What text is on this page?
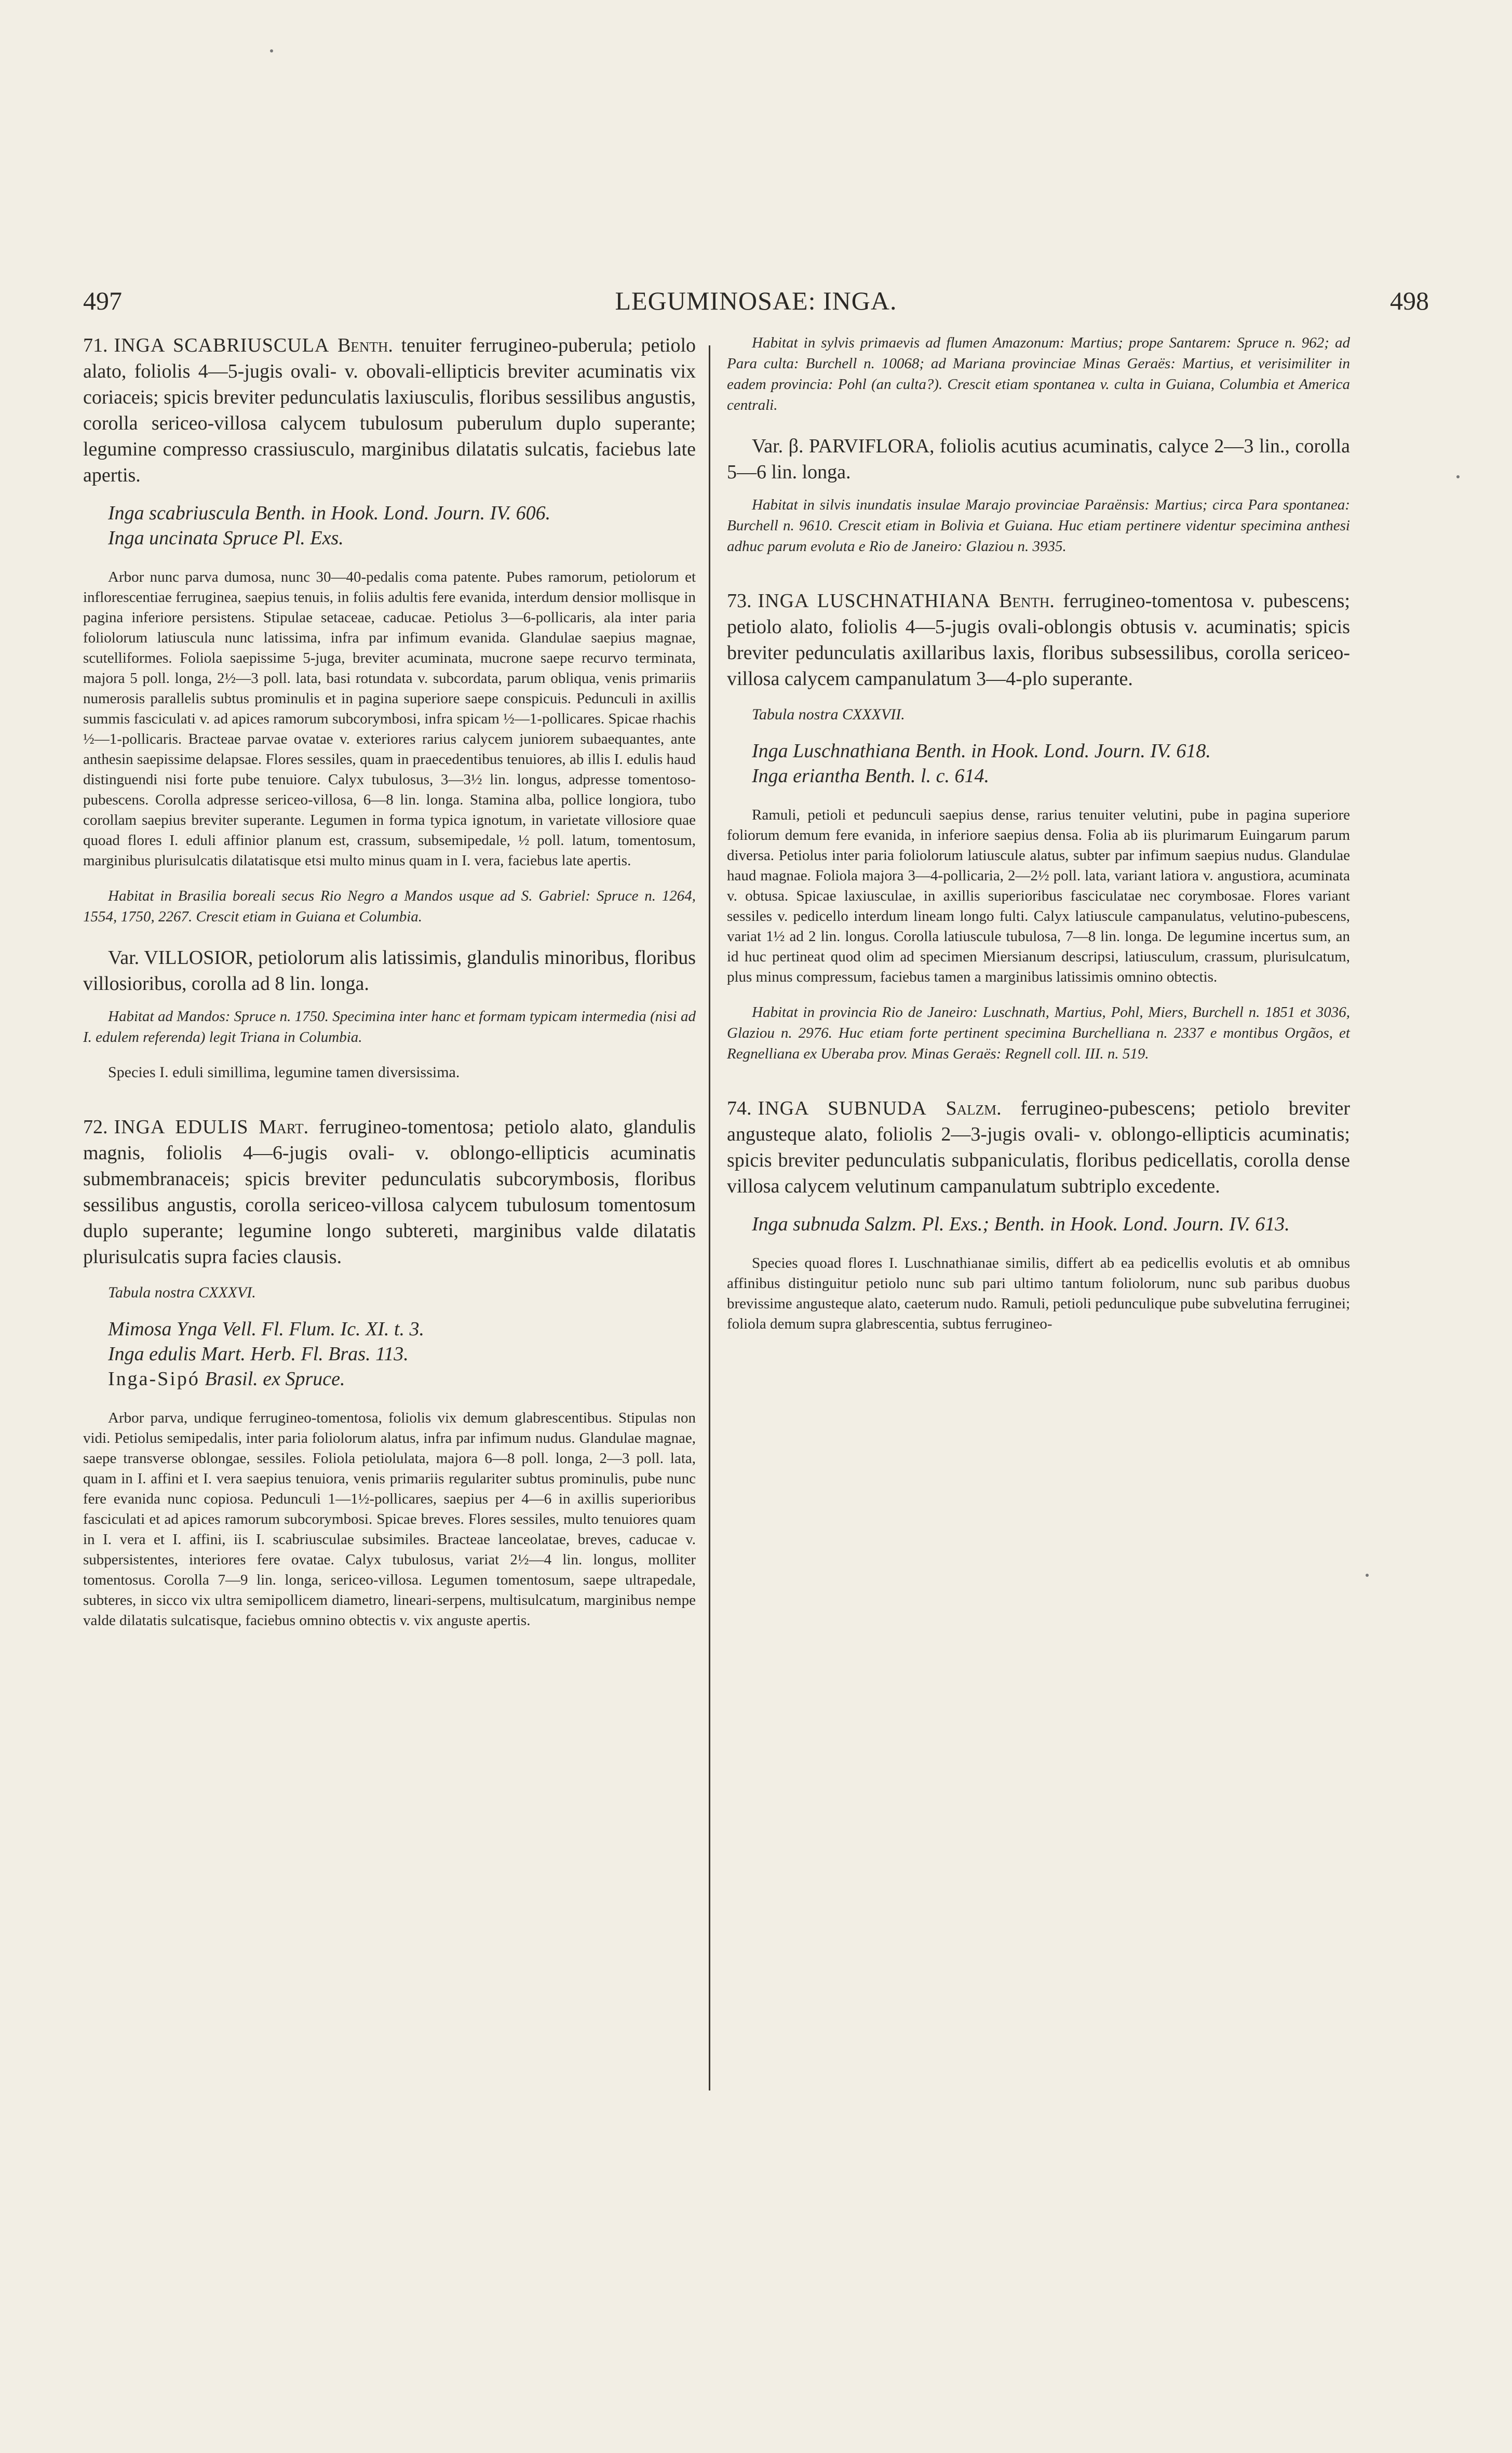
497	LEGUMINOSAE: INGA.	498
71. INGA SCABRIUSCULA Benth. tenuiter ferrugineo-puberula; petiolo alato, foliolis 4—5-jugis ovali- v. obovali-ellipticis breviter acuminatis vix coriaceis; spicis breviter pedunculatis laxiusculis, floribus sessilibus angustis, corolla sericeo-villosa calycem tubulosum puberulum duplo superante; legumine compresso crassiusculo, marginibus dilatatis sulcatis, faciebus late apertis.

Inga scabriuscula Benth. in Hook. Lond. Journ. IV. 606.

Inga uncinata Spruce Pl. Exs.

Arbor nunc parva dumosa, nunc 30—40-pedalis coma patente. Pubes ramorum, petiolorum et inflorescentiae ferruginea, saepius tenuis, in foliis adultis fere evanida, interdum densior mollisque in pagina inferiore persistens. Stipulae setaceae, caducae. Petiolus 3—6-pollicaris, ala inter paria foliolorum latiuscula nunc latissima, infra par infimum evanida. Glandulae saepius magnae, scutelliformes. Foliola saepissime 5-juga, breviter acuminata, mucrone saepe recurvo terminata, majora 5 poll. longa, 2½—3 poll. lata, basi rotundata v. subcordata, parum obliqua, venis primariis numerosis parallelis subtus prominulis et in pagina superiore saepe conspicuis. Pedunculi in axillis summis fasciculati v. ad apices ramorum subcorymbosi, infra spicam ½—1-pollicares. Spicae rhachis ½—1-pollicaris. Bracteae parvae ovatae v. exteriores rarius calycem juniorem subaequantes, ante anthesin saepissime delapsae. Flores sessiles, quam in praecedentibus tenuiores, ab illis I. edulis haud distinguendi nisi forte pube tenuiore. Calyx tubulosus, 3—3½ lin. longus, adpresse tomentoso-pubescens. Corolla adpresse sericeo-villosa, 6—8 lin. longa. Stamina alba, pollice longiora, tubo corollam saepius breviter superante. Legumen in forma typica ignotum, in varietate villosiore quae quoad flores I. eduli affinior planum est, crassum, subsemipedale, ½ poll. latum, tomentosum, marginibus plurisulcatis dilatatisque etsi multo minus quam in I. vera, faciebus late apertis.

Habitat in Brasilia boreali secus Rio Negro a Mandos usque ad S. Gabriel: Spruce n. 1264, 1554, 1750, 2267. Crescit etiam in Guiana et Columbia.

Var. VILLOSIOR, petiolorum alis latissimis, glandulis minoribus, floribus villosioribus, corolla ad 8 lin. longa.

Habitat ad Mandos: Spruce n. 1750. Specimina inter hanc et formam typicam intermedia (nisi ad I. edulem referenda) legit Triana in Columbia.

Species I. eduli simillima, legumine tamen diversissima.

72. INGA EDULIS Mart. ferrugineo-tomentosa; petiolo alato, glandulis magnis, foliolis 4—6-jugis ovali- v. oblongo-ellipticis acuminatis submembranaceis; spicis breviter pedunculatis subcorymbosis, floribus sessilibus angustis, corolla sericeo-villosa calycem tubulosum tomentosum duplo superante; legumine longo subtereti, marginibus valde dilatatis plurisulcatis supra facies clausis.

Tabula nostra CXXXVI.

Mimosa Ynga Vell. Fl. Flum. Ic. XI. t. 3.

Inga edulis Mart. Herb. Fl. Bras. 113.

Inga-Sipó Brasil. ex Spruce.

Arbor parva, undique ferrugineo-tomentosa, foliolis vix demum glabrescentibus. Stipulas non vidi. Petiolus semipedalis, inter paria foliolorum alatus, infra par infimum nudus. Glandulae magnae, saepe transverse oblongae, sessiles. Foliola petiolulata, majora 6—8 poll. longa, 2—3 poll. lata, quam in I. affini et I. vera saepius tenuiora, venis primariis regulariter subtus prominulis, pube nunc fere evanida nunc copiosa. Pedunculi 1—1½-pollicares, saepius per 4—6 in axillis superioribus fasciculati et ad apices ramorum subcorymbosi. Spicae breves. Flores sessiles, multo tenuiores quam in I. vera et I. affini, iis I. scabriusculae subsimiles. Bracteae lanceolatae, breves, caducae v. subpersistentes, interiores fere ovatae. Calyx tubulosus, variat 2½—4 lin. longus, molliter tomentosus. Corolla 7—9 lin. longa, sericeo-villosa. Legumen tomentosum, saepe ultrapedale, subteres, in sicco vix ultra semipollicem diametro, lineari-serpens, multisulcatum, marginibus nempe valde dilatatis sulcatisque, faciebus omnino obtectis v. vix anguste apertis.

Habitat in sylvis primaevis ad flumen Amazonum: Martius; prope Santarem: Spruce n. 962; ad Para culta: Burchell n. 10068; ad Mariana provinciae Minas Geraës: Martius, et verisimiliter in eadem provincia: Pohl (an culta?). Crescit etiam spontanea v. culta in Guiana, Columbia et America centrali.

Var. β. PARVIFLORA, foliolis acutius acuminatis, calyce 2—3 lin., corolla 5—6 lin. longa.

Habitat in silvis inundatis insulae Marajo provinciae Paraënsis: Martius; circa Para spontanea: Burchell n. 9610. Crescit etiam in Bolivia et Guiana. Huc etiam pertinere videntur specimina anthesi adhuc parum evoluta e Rio de Janeiro: Glaziou n. 3935.

73. INGA LUSCHNATHIANA Benth. ferrugineo-tomentosa v. pubescens; petiolo alato, foliolis 4—5-jugis ovali-oblongis obtusis v. acuminatis; spicis breviter pedunculatis axillaribus laxis, floribus subsessilibus, corolla sericeo-villosa calycem campanulatum 3—4-plo superante.

Tabula nostra CXXXVII.

Inga Luschnathiana Benth. in Hook. Lond. Journ. IV. 618.

Inga eriantha Benth. l. c. 614.

Ramuli, petioli et pedunculi saepius dense, rarius tenuiter velutini, pube in pagina superiore foliorum demum fere evanida, in inferiore saepius densa. Folia ab iis plurimarum Euingarum parum diversa. Petiolus inter paria foliolorum latiuscule alatus, subter par infimum saepius nudus. Glandulae haud magnae. Foliola majora 3—4-pollicaria, 2—2½ poll. lata, variant latiora v. angustiora, acuminata v. obtusa. Spicae laxiusculae, in axillis superioribus fasciculatae nec corymbosae. Flores variant sessiles v. pedicello interdum lineam longo fulti. Calyx latiuscule campanulatus, velutino-pubescens, variat 1½ ad 2 lin. longus. Corolla latiuscule tubulosa, 7—8 lin. longa. De legumine incertus sum, an id huc pertineat quod olim ad specimen Miersianum descripsi, latiusculum, crassum, plurisulcatum, plus minus compressum, faciebus tamen a marginibus latissimis omnino obtectis.

Habitat in provincia Rio de Janeiro: Luschnath, Martius, Pohl, Miers, Burchell n. 1851 et 3036, Glaziou n. 2976. Huc etiam forte pertinent specimina Burchelliana n. 2337 e montibus Orgãos, et Regnelliana ex Uberaba prov. Minas Geraës: Regnell coll. III. n. 519.

74. INGA SUBNUDA Salzm. ferrugineo-pubescens; petiolo breviter angusteque alato, foliolis 2—3-jugis ovali- v. oblongo-ellipticis acuminatis; spicis breviter pedunculatis subpaniculatis, floribus pedicellatis, corolla dense villosa calycem velutinum campanulatum subtriplo excedente.

Inga subnuda Salzm. Pl. Exs.; Benth. in Hook. Lond. Journ. IV. 613.

Species quoad flores I. Luschnathianae similis, differt ab ea pedicellis evolutis et ab omnibus affinibus distinguitur petiolo nunc sub pari ultimo tantum foliolorum, nunc sub paribus duobus brevissime angusteque alato, caeterum nudo. Ramuli, petioli pedunculique pube subvelutina ferruginei; foliola demum supra glabrescentia, subtus ferrugineo-
